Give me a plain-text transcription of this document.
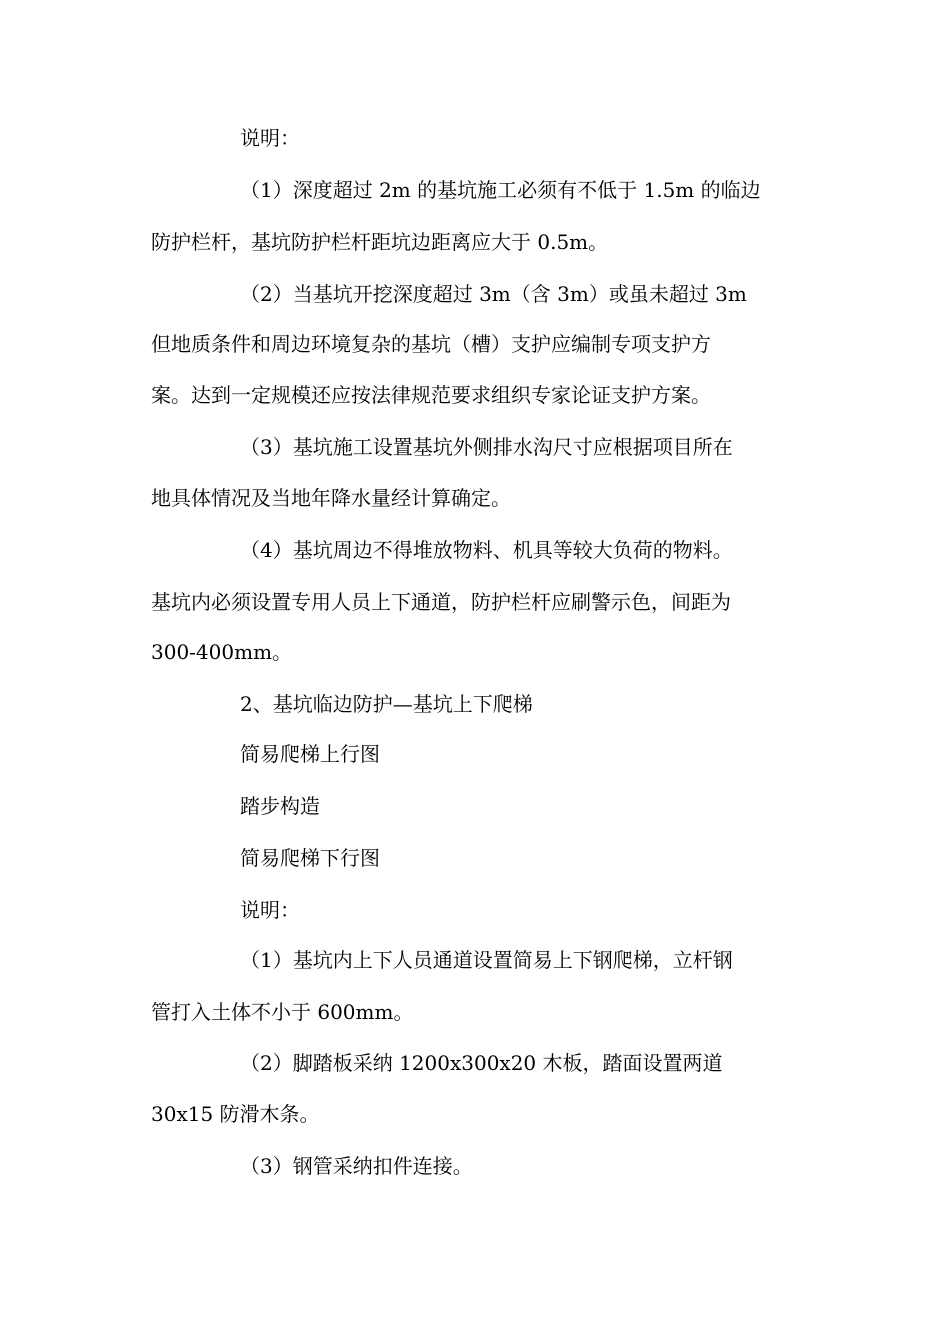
说明：
（1）深度超过 2m 的基坑施工必须有不低于 1.5m 的临边
防护栏杆，基坑防护栏杆距坑边距离应大于 0.5m。
（2）当基坑开挖深度超过 3m（含 3m）或虽未超过 3m
但地质条件和周边环境复杂的基坑（槽）支护应编制专项支护方
案。达到一定规模还应按法律规范要求组织专家论证支护方案。
（3）基坑施工设置基坑外侧排水沟尺寸应根据项目所在
地具体情况及当地年降水量经计算确定。
（4）基坑周边不得堆放物料、机具等较大负荷的物料。
基坑内必须设置专用人员上下通道，防护栏杆应刷警示色，间距为
300-400mm。
2、基坑临边防护—基坑上下爬梯
简易爬梯上行图
踏步构造
简易爬梯下行图
说明：
（1）基坑内上下人员通道设置简易上下钢爬梯，立杆钢
管打入土体不小于 600mm。
（2）脚踏板采纳 1200x300x20 木板，踏面设置两道
30x15 防滑木条。
（3）钢管采纳扣件连接。
